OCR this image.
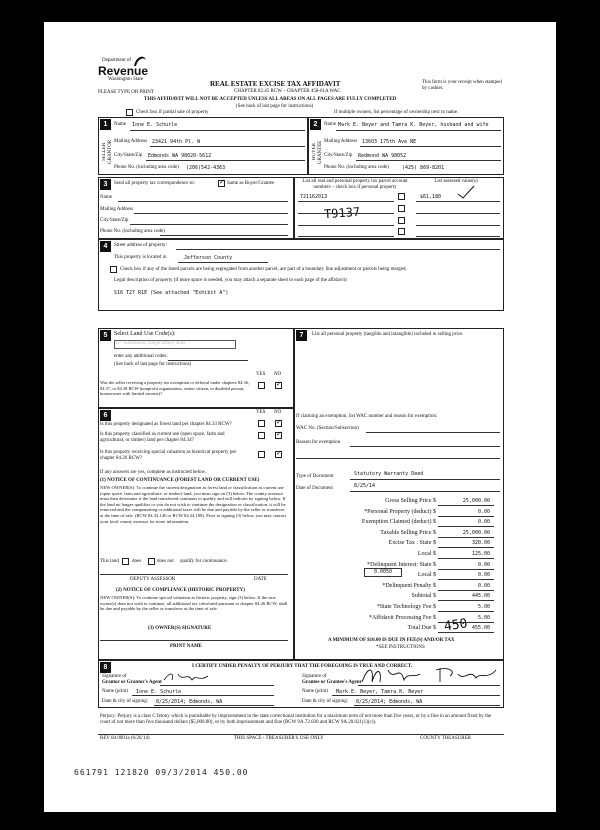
Department of
Revenue
Washington State
PLEASE TYPE OR PRINT
Check box if partial sale of property
REAL ESTATE EXCISE TAX AFFIDAVIT
CHAPTER 82.45 RCW – CHAPTER 458-61A WAC
THIS AFFIDAVIT WILL NOT BE ACCEPTED UNLESS ALL AREAS ON ALL PAGES ARE FULLY COMPLETED
(See back of last page for instructions)
This form is your receipt when stamped by cashier.
If multiple owners, list percentage of ownership next to name.
1
SELLER GRANTOR
Name Ione E. Schurle
Mailing Address 23421 94th Pl. W
City/State/Zip Edmonds WA 98020-5612
Phone No. (including area code) (206)542-4363
2
BUYER GRANTEE
Name Mark E. Beyer and Tamra K. Beyer, husband and wife
Mailing Address 13603 175th Ave NE
City/State/Zip Redmond WA 98052
Phone No. (including area code)	(425) 869-8201
3	Send all property tax correspondence to: ✓	Same as Buyer/Grantee
Name
Mailing Address
City/State/Zip
Phone No. (including area code)
List all real and personal property tax parcel account numbers – check box if personal property
List assessed value(s)
721162013	$61,180
T9137
4	Street address of property:
This property is located in	Jefferson County
Check box if any of the listed parcels are being segregated from another parcel, are part of a boundary line adjustment or parcels being merged.
Legal description of property (if more space is needed, you may attach a separate sheet to each page of the affidavit)
S16 T27 R1E (See attached "Exhibit A")
5	Select Land Use Code(s):
11 - Household, single family units
enter any additional codes:
(See back of last page for instructions)
YES NO
Was the seller receiving a property tax exemption or deferral under chapters 84.36, 84.37, or 84.38 RCW (nonprofit organization, senior citizen, or disabled person, homeowner with limited income)?
✓
6	YES NO
Is this property designated as forest land per chapter 84.33 RCW?
✓
Is this property classified as current use (open space, farm and agricultural, or timber) land per chapter 84.34?
✓
Is this property receiving special valuation as historical property per chapter 84.26 RCW?
✓
If any answers are yes, complete as instructed below.
(1) NOTICE OF CONTINUANCE (FOREST LAND OR CURRENT USE)
NEW OWNER(S): To continue the current designation as forest land or classification as current use (open space, farm and agriculture, or timber) land, you must sign on (3) below. The county assessor must then determine if the land transferred continues to qualify and will indicate by signing below. If the land no longer qualifies or you do not wish to continue the designation or classification, it will be removed and the compensating or additional taxes will be due and payable by the seller or transferor at the time of sale. (RCW 84.33.140 or RCW 84.34.108). Prior to signing (3) below, you may contact your local county assessor for more information.
This land	does	does not qualify for continuance.
DEPUTY ASSESSOR	DATE
(2) NOTICE OF COMPLIANCE (HISTORIC PROPERTY)
NEW OWNER(S): To continue special valuation as historic property, sign (3) below. If the new owner(s) does not wish to continue, all additional tax calculated pursuant to chapter 84.26 RCW, shall be due and payable by the seller or transferor at the time of sale.
(3) OWNER(S) SIGNATURE
PRINT NAME
7	List all personal property (tangible and intangible) included in selling price.
If claiming an exemption, list WAC number and reason for exemption:
WAC No. (Section/Subsection)
Reason for exemption
Type of Document	Statutory Warranty Deed
Date of Document	8/25/14
Gross Selling Price $	25,000.00
*Personal Property (deduct) $	0.00
Exemption Claimed (deduct) $	0.00
Taxable Selling Price $	25,000.00
Excise Tax : State $	320.00
Local $	125.00
*Delinquent Interest: State $	0.00
Local $	0.00
*Delinquent Penalty $	0.00
Subtotal $	445.00
*State Technology Fee $	5.00
*Affidavit Processing Fee $	5.00
Total Due $	455.00
0.0050
450
A MINIMUM OF $10.00 IS DUE IN FEE(S) AND/OR TAX
*SEE INSTRUCTIONS
8	I CERTIFY UNDER PENALTY OF PERJURY THAT THE FOREGOING IS TRUE AND CORRECT.
Signature of
Grantor or Grantor's Agent
Name (print) Ione E. Schurle
Date & city of signing: 8/25/2014; Edmonds, WA
Signature of
Grantee or Grantee's Agent
Name (print) Mark E. Beyer, Tamra K. Beyer
Date & city of signing: 8/25/2014; Edmonds, WA
Perjury: Perjury is a class C felony which is punishable by imprisonment in the state correctional institution for a maximum term of not more than five years, or by a fine in an amount fixed by the court of not more than five thousand dollars ($5,000.00), or by both imprisonment and fine (RCW 9A.72.030 and RCW 9A.20.021(1)(c)).
REV 84 0001a (6/26/14)	THIS SPACE - TREASURER'S USE ONLY	COUNTY TREASURER
661791 121820 09/3/2014 450.00
